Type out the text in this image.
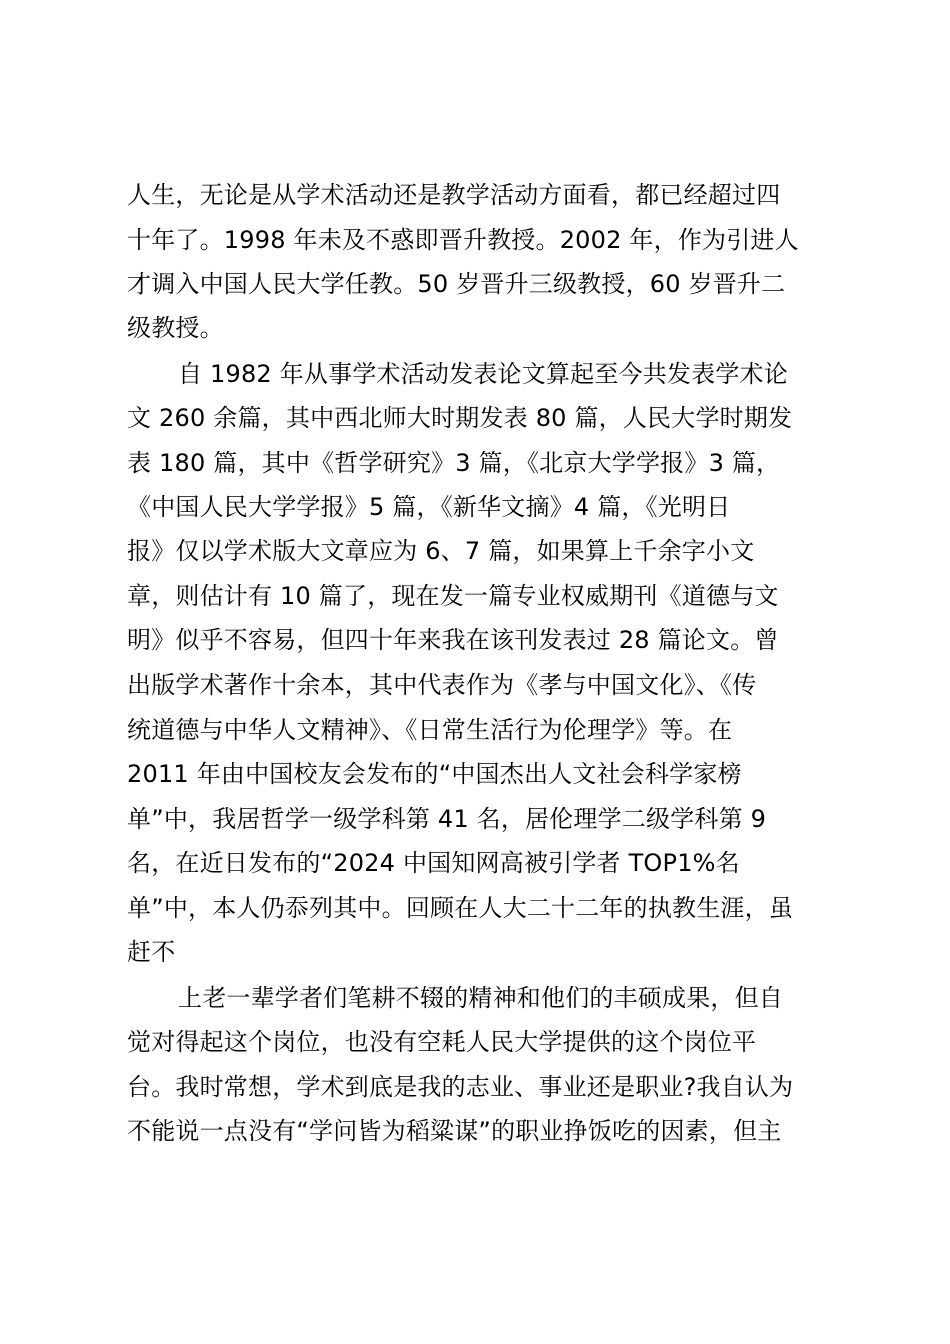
人生，无论是从学术活动还是教学活动方面看，都已经超过四
十年了。1998 年未及不惑即晋升教授。2002 年，作为引进人
才调入中国人民大学任教。50 岁晋升三级教授，60 岁晋升二
级教授。
自 1982 年从事学术活动发表论文算起至今共发表学术论
文 260 余篇，其中西北师大时期发表 80 篇，人民大学时期发
表 180 篇，其中《哲学研究》3 篇，《北京大学学报》3 篇，
《中国人民大学学报》5 篇，《新华文摘》4 篇，《光明日
报》仅以学术版大文章应为 6、7 篇，如果算上千余字小文
章，则估计有 10 篇了，现在发一篇专业权威期刊《道德与文
明》似乎不容易，但四十年来我在该刊发表过 28 篇论文。曾
出版学术著作十余本，其中代表作为《孝与中国文化》、《传
统道德与中华人文精神》、《日常生活行为伦理学》等。在
2011 年由中国校友会发布的“中国杰出人文社会科学家榜
单”中，我居哲学一级学科第 41 名，居伦理学二级学科第 9
名，在近日发布的“2024 中国知网高被引学者 TOP1%名
单”中，本人仍忝列其中。回顾在人大二十二年的执教生涯，虽
赶不
上老一辈学者们笔耕不辍的精神和他们的丰硕成果，但自
觉对得起这个岗位，也没有空耗人民大学提供的这个岗位平
台。我时常想，学术到底是我的志业、事业还是职业?我自认为
不能说一点没有“学问皆为稻粱谋”的职业挣饭吃的因素，但主
